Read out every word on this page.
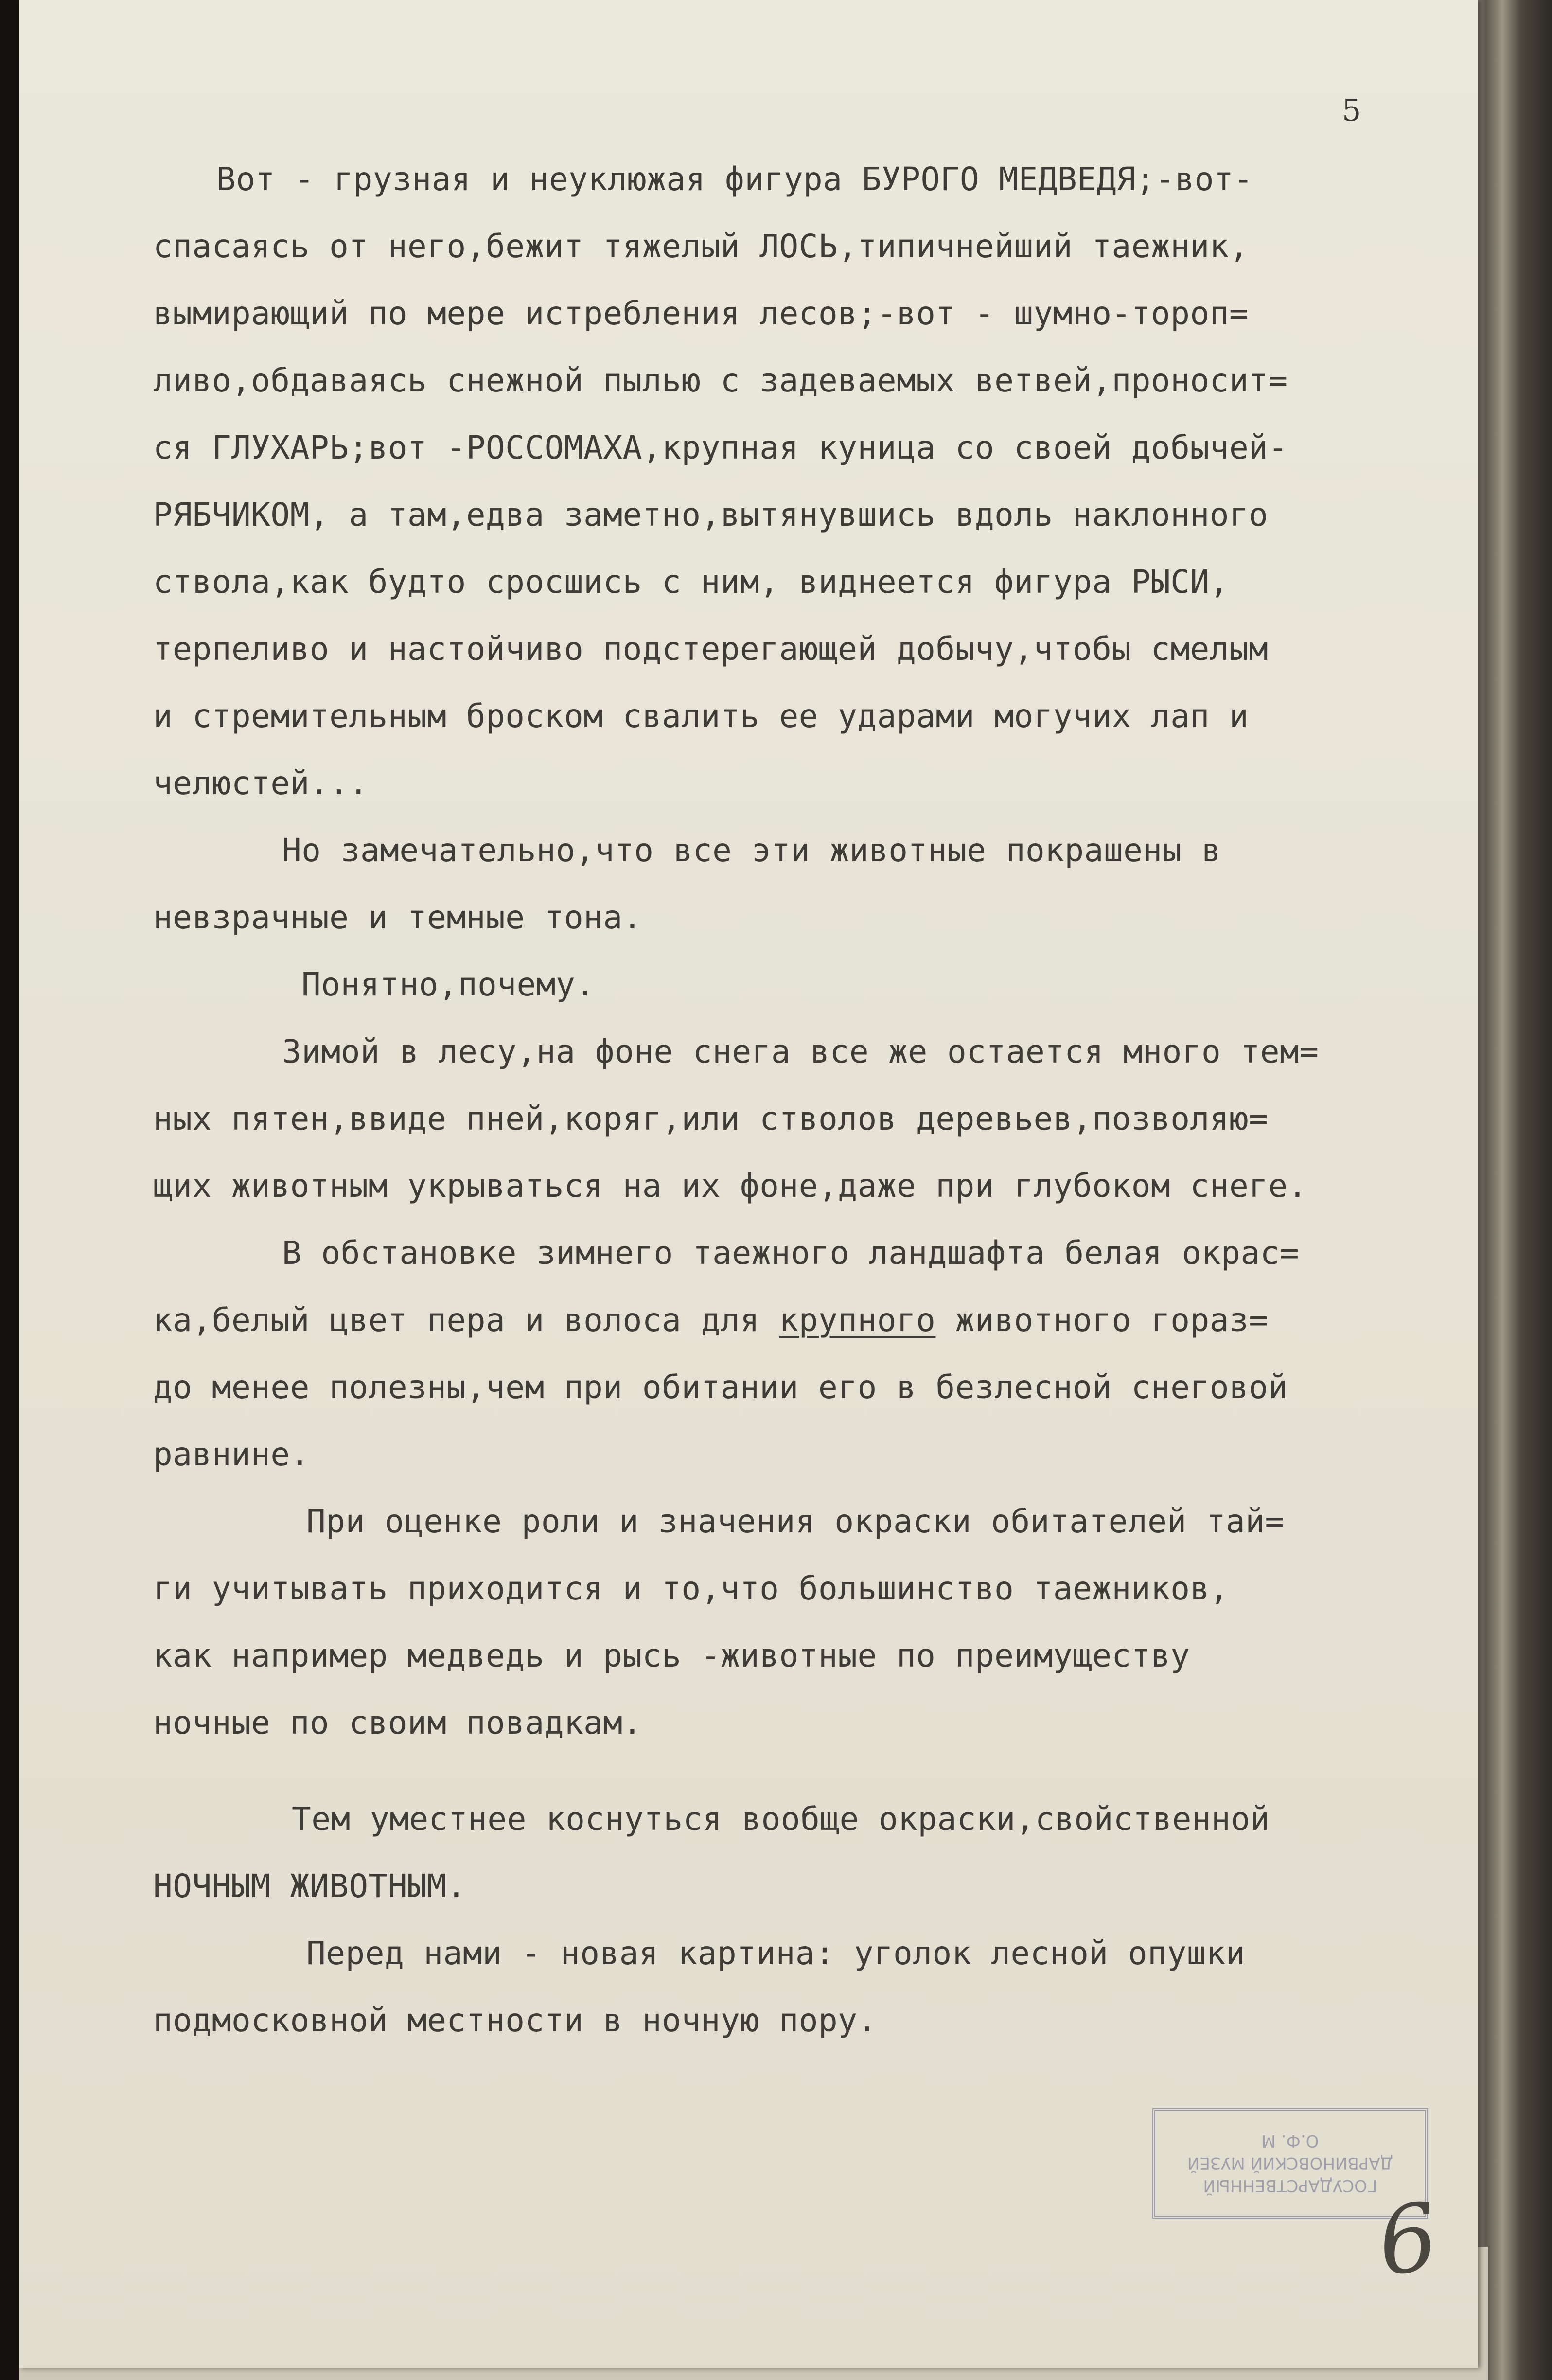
5

Вот - грузная и неуклюжая фигура БУРОГО МЕДВЕДЯ;-вот-

спасаясь от него,бежит тяжелый ЛОСЬ,типичнейший таежник,

вымирающий по мере истребления лесов;-вот - шумно-тороп=

ливо,обдаваясь снежной пылью с задеваемых ветвей,проносит=

ся ГЛУХАРЬ;вот -РОССОМАХА,крупная куница со своей добычей-

РЯБЧИКОМ, а там,едва заметно,вытянувшись вдоль наклонного

ствола,как будто сросшись с ним, виднеется фигура РЫСИ,

терпеливо и настойчиво подстерегающей добычу,чтобы смелым

и стремительным броском свалить ее ударами могучих лап и

челюстей...

Но замечательно,что все эти животные покрашены в

невзрачные и темные тона.

Понятно,почему.

Зимой в лесу,на фоне снега все же остается много тем=

ных пятен,ввиде пней,коряг,или стволов деревьев,позволяю=

щих животным укрываться на их фоне,даже при глубоком снеге.

В обстановке зимнего таежного ландшафта белая окрас=

ка,белый цвет пера и волоса для крупного животного гораз=

до менее полезны,чем при обитании его в безлесной снеговой

равнине.

При оценке роли и значения окраски обитателей тай=

ги учитывать приходится и то,что большинство таежников,

как например медведь и рысь -животные по преимуществу

ночные по своим повадкам.

Тем уместнее коснуться вообще окраски,свойственной

НОЧНЫМ ЖИВОТНЫМ.

Перед нами - новая картина: уголок лесной опушки

подмосковной местности в ночную пору.

ГОСУДАРСТВЕННЫЙ
ДАРВИНОВСКИЙ МУЗЕЙ
О.Ф. М

6
